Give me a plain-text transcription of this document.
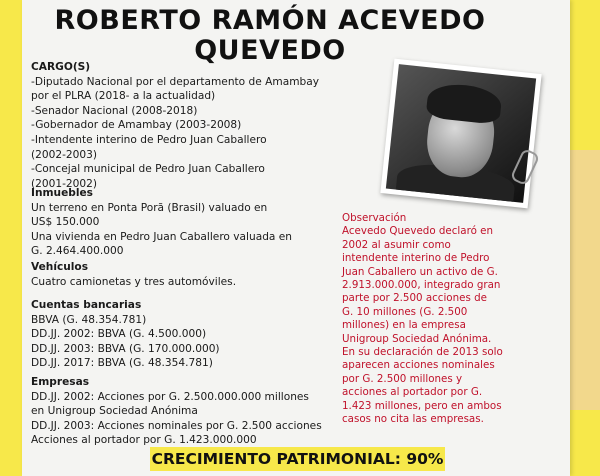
ROBERTO RAMÓN ACEVEDO
QUEVEDO
CARGO(S)
-Diputado Nacional por el departamento de Amambay
por el PLRA (2018- a la actualidad)
-Senador Nacional (2008-2018)
-Gobernador de Amambay (2003-2008)
-Intendente interino de Pedro Juan Caballero
(2002-2003)
-Concejal municipal de Pedro Juan Caballero
(2001-2002)
Inmuebles
Un terreno en Ponta Porã (Brasil) valuado en
US$ 150.000
Una vivienda en Pedro Juan Caballero valuada en
G. 2.464.400.000
Vehículos
Cuatro camionetas y tres automóviles.
Cuentas bancarias
BBVA (G. 48.354.781)
DD.JJ. 2002: BBVA (G. 4.500.000)
DD.JJ. 2003: BBVA (G. 170.000.000)
DD.JJ. 2017: BBVA (G. 48.354.781)
Empresas
DD.JJ. 2002: Acciones por G. 2.500.000.000 millones
en Unigroup Sociedad Anónima
DD.JJ. 2003: Acciones nominales por G. 2.500 acciones
Acciones al portador por G. 1.423.000.000
Observación
Acevedo Quevedo declaró en
2002 al asumir como
intendente interino de Pedro
Juan Caballero un activo de G.
2.913.000.000, integrado gran
parte por 2.500 acciones de
G. 10 millones (G. 2.500
millones) en la empresa
Unigroup Sociedad Anónima.
En su declaración de 2013 solo
aparecen acciones nominales
por G. 2.500 millones y
acciones al portador por G.
1.423 millones, pero en ambos
casos no cita las empresas.
CRECIMIENTO PATRIMONIAL: 90%
